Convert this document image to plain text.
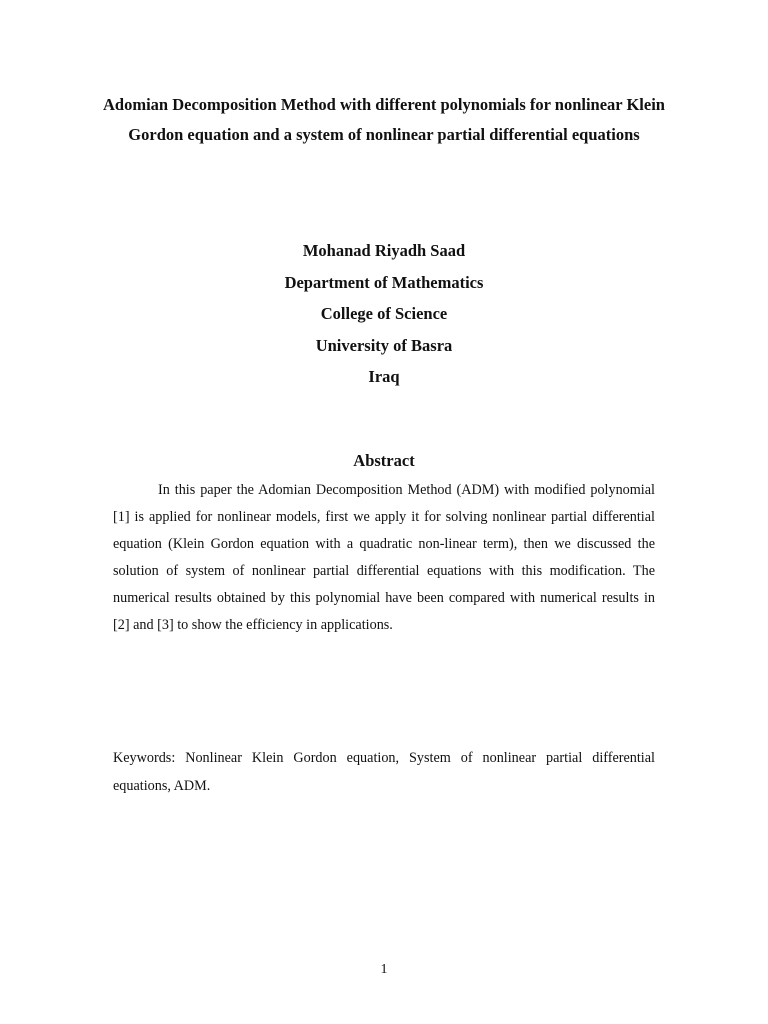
Adomian Decomposition Method with different polynomials for nonlinear Klein Gordon equation and a system of nonlinear partial differential equations
Mohanad Riyadh Saad
Department of Mathematics
College of Science
University of Basra
Iraq
Abstract
In this paper the Adomian Decomposition Method (ADM) with modified polynomial [1] is applied for nonlinear models, first we apply it for solving nonlinear partial differential equation (Klein Gordon equation with a quadratic non-linear term), then we discussed the solution of system of nonlinear partial differential equations with this modification. The numerical results obtained by this polynomial have been compared with numerical results in [2] and [3] to show the efficiency in applications.
Keywords: Nonlinear Klein Gordon equation, System of nonlinear partial differential equations, ADM.
1
